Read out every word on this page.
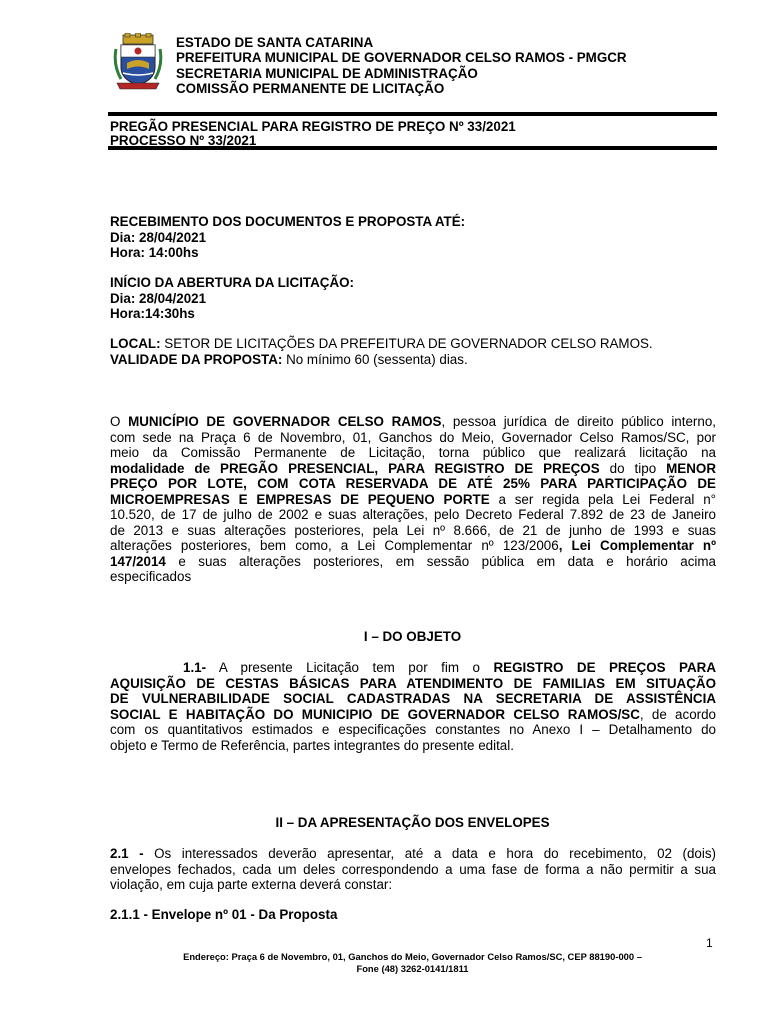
ESTADO DE SANTA CATARINA
PREFEITURA MUNICIPAL DE GOVERNADOR CELSO RAMOS - PMGCR
SECRETARIA MUNICIPAL DE ADMINISTRAÇÃO
COMISSÃO PERMANENTE DE LICITAÇÃO
PREGÃO PRESENCIAL PARA REGISTRO DE PREÇO Nº 33/2021
PROCESSO Nº 33/2021
RECEBIMENTO DOS DOCUMENTOS E PROPOSTA ATÉ:
Dia: 28/04/2021
Hora: 14:00hs
INÍCIO DA ABERTURA DA LICITAÇÃO:
Dia: 28/04/2021
Hora:14:30hs
LOCAL: SETOR DE LICITAÇÕES DA PREFEITURA DE GOVERNADOR CELSO RAMOS.
VALIDADE DA PROPOSTA: No mínimo 60 (sessenta) dias.
O MUNICÍPIO DE GOVERNADOR CELSO RAMOS, pessoa jurídica de direito público interno,
com sede na Praça 6 de Novembro, 01, Ganchos do Meio, Governador Celso Ramos/SC, por
meio da Comissão Permanente de Licitação, torna público que realizará licitação na
modalidade de PREGÃO PRESENCIAL, PARA REGISTRO DE PREÇOS do tipo MENOR
PREÇO POR LOTE, COM COTA RESERVADA DE ATÉ 25% PARA PARTICIPAÇÃO DE
MICROEMPRESAS E EMPRESAS DE PEQUENO PORTE a ser regida pela Lei Federal n°
10.520, de 17 de julho de 2002 e suas alterações, pelo Decreto Federal 7.892 de 23 de Janeiro
de 2013 e suas alterações posteriores, pela Lei nº 8.666, de 21 de junho de 1993 e suas
alterações posteriores, bem como, a Lei Complementar nº 123/2006, Lei Complementar nº
147/2014 e suas alterações posteriores, em sessão pública em data e horário acima
especificados
I – DO OBJETO
1.1- A presente Licitação tem por fim o REGISTRO DE PREÇOS PARA
AQUISIÇÃO DE CESTAS BÁSICAS PARA ATENDIMENTO DE FAMILIAS EM SITUAÇÃO
DE VULNERABILIDADE SOCIAL CADASTRADAS NA SECRETARIA DE ASSISTÊNCIA
SOCIAL E HABITAÇÃO DO MUNICIPIO DE GOVERNADOR CELSO RAMOS/SC, de acordo
com os quantitativos estimados e especificações constantes no Anexo I – Detalhamento do
objeto e Termo de Referência, partes integrantes do presente edital.
II – DA APRESENTAÇÃO DOS ENVELOPES
2.1 - Os interessados deverão apresentar, até a data e hora do recebimento, 02 (dois)
envelopes fechados, cada um deles correspondendo a uma fase de forma a não permitir a sua
violação, em cuja parte externa deverá constar:
2.1.1 - Envelope nº 01 - Da Proposta
1
Endereço: Praça 6 de Novembro, 01, Ganchos do Meio, Governador Celso Ramos/SC, CEP 88190-000 –
Fone (48) 3262-0141/1811
